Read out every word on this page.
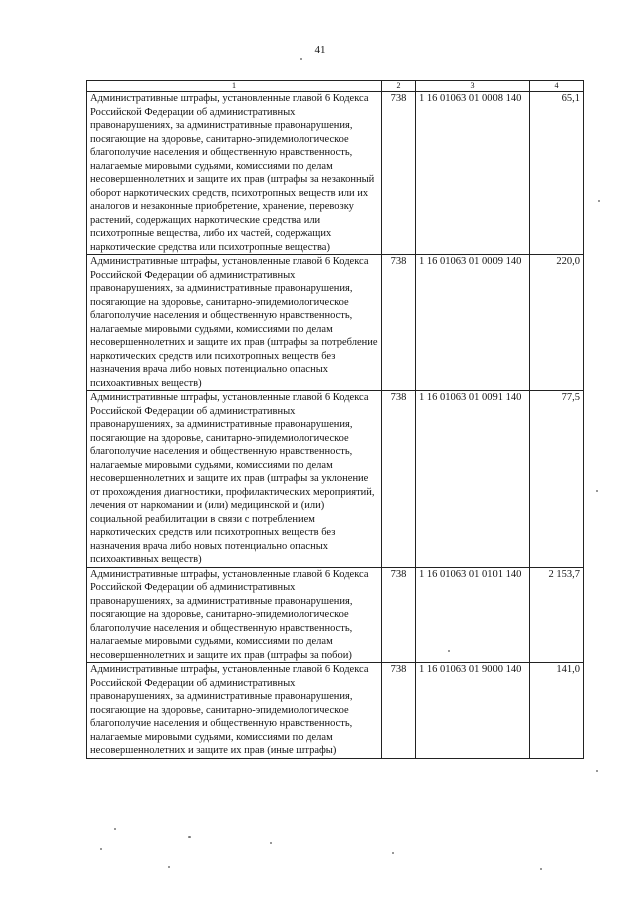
41
1	2	3	4
Административные штрафы, установленные главой 6 Кодекса Российской Федерации об административных правонарушениях, за административные правонарушения, посягающие на здоровье, санитарно-эпидемиологическое благополучие населения и общественную нравственность, налагаемые мировыми судьями, комиссиями по делам несовершеннолетних и защите их прав (штрафы за незаконный оборот наркотических средств, психотропных веществ или их аналогов и незаконные приобретение, хранение, перевозку растений, содержащих наркотические средства или психотропные вещества, либо их частей, содержащих наркотические средства или психотропные вещества)	738	1 16 01063 01 0008 140	65,1
Административные штрафы, установленные главой 6 Кодекса Российской Федерации об административных правонарушениях, за административные правонарушения, посягающие на здоровье, санитарно-эпидемиологическое благополучие населения и общественную нравственность, налагаемые мировыми судьями, комиссиями по делам несовершеннолетних и защите их прав (штрафы за потребление наркотических средств или психотропных веществ без назначения врача либо новых потенциально опасных психоактивных веществ)	738	1 16 01063 01 0009 140	220,0
Административные штрафы, установленные главой 6 Кодекса Российской Федерации об административных правонарушениях, за административные правонарушения, посягающие на здоровье, санитарно-эпидемиологическое благополучие населения и общественную нравственность, налагаемые мировыми судьями, комиссиями по делам несовершеннолетних и защите их прав (штрафы за уклонение от прохождения диагностики, профилактических мероприятий, лечения от наркомании и (или) медицинской и (или) социальной реабилитации в связи с потреблением наркотических средств или психотропных веществ без назначения врача либо новых потенциально опасных психоактивных веществ)	738	1 16 01063 01 0091 140	77,5
Административные штрафы, установленные главой 6 Кодекса Российской Федерации об административных правонарушениях, за административные правонарушения, посягающие на здоровье, санитарно-эпидемиологическое благополучие населения и общественную нравственность, налагаемые мировыми судьями, комиссиями по делам несовершеннолетних и защите их прав (штрафы за побои)	738	1 16 01063 01 0101 140	2 153,7
Административные штрафы, установленные главой 6 Кодекса Российской Федерации об административных правонарушениях, за административные правонарушения, посягающие на здоровье, санитарно-эпидемиологическое благополучие населения и общественную нравственность, налагаемые мировыми судьями, комиссиями по делам несовершеннолетних и защите их прав (иные штрафы)	738	1 16 01063 01 9000 140	141,0
